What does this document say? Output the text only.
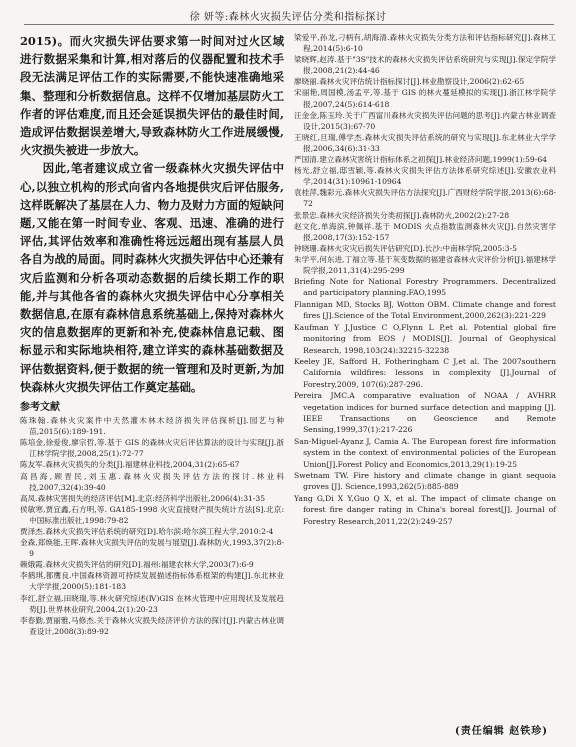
徐 妍等:森林火灾损失评估分类和指标探讨

2015)。而火灾损失评估要求第一时间对过火区域进行数据采集和计算,相对落后的仪器配置和技术手段无法满足评估工作的实际需要,不能快速准确地采集、整理和分析数据信息。这样不仅增加基层防火工作者的评估难度,而且还会延误损失评估的最佳时间,造成评估数据误差增大,导致森林防火工作进展缓慢,火灾损失被进一步放大。

因此,笔者建议成立省一级森林火灾损失评估中心,以独立机构的形式向省内各地提供灾后评估服务,这样既解决了基层在人力、物力及财力方面的短缺问题,又能在第一时间专业、客观、迅速、准确的进行评估,其评估效率和准确性将远远超出现有基层人员各自为战的局面。同时森林火灾损失评估中心还兼有灾后监测和分析各项动态数据的后续长期工作的职能,并与其他各省的森林火灾损失评估中心分享相关数据信息,在原有森林信息系统基础上,保持对森林火灾的信息数据库的更新和补充,使森林信息记载、图标显示和实际地块相符,建立详实的森林基础数据及评估数据资料,便于数据的统一管理和及时更新,为加快森林火灾损失评估工作奠定基础。

参考文献

陈珠翰.森林火灾案件中天然灌木林木经济损失评估探析[J].园艺与种苗,2015(6):189-191.

陈培金,徐爱俊,廖宗哲,等.基于 GIS 的森林火灾后评估算法的设计与实现[J].浙江林学院学报,2008,25(1):72-77

陈友军.森林火灾损失的分类[J].福建林业科技,2004,31(2):65-67

高昌海,顾晋民,刘玉惠.森林火灾损失评估方法的探讨.林业科技,2007,32(4):39-40

高凤.森林灾害损失的经济评估[M].北京:经济科学出版社,2006(4):31-35

侯敏寒,贾宜鑫,石方明,等. GA185-1998 火灾直接财产损失统计方法[S].北京:中国标准出版社,1998:79-82

贾泽杰.森林火灾损失评估系统的研究[D].哈尔滨:哈尔滨工程大学,2010:2-4

金森,郑焕能,王晖.森林火灾损失评估的发展与展望[J].森林防火,1993,37(2):8-9

赖娥霞.森林火灾损失评估的研究[D].福州:福建农林大学,2003(7):6-9

李鹤琪,都鹰良.中国森林资源可持续发展描述指标体系框架的构建[J].东北林业大学学报,2000(5):181-183

李红,舒立福,田晓瑞,等.林火研究综述(Ⅳ)GIS 在林火管理中应用现状及发展趋势[J].世界林业研究,2004,2(1):20-23

李春勤,贾丽雅,马修杰.关于森林火灾损失经济评价方法的探讨[J].内蒙古林业调查设计,2008(3):89-92

梁爱平,孙龙,刁柄有,胡海清.森林火灾损失分类方法和评估指标研究[J].森林工程,2014(5):6-10

梁晓辉,赵涛.基于"3S"技术的森林火灾损失评估系统研究与实现[J].保定学院学报,2008,21(2):44-46

廖晓丽.森林火灾评估统计指标探讨[J].林业勘察设计,2006(2):62-65

宋丽艳,周国模,汤孟平,等.基于 GIS 的林火蔓延模拟的实现[J].浙江林学院学报,2007,24(5):614-618

汪金金,陈玉玲.关于广西富川森林火灾损失评估问题的思考[J].内蒙古林业调查设计,2015(3):67-70

王晓红,旦瑞,傅学杰.森林火灾损失评估系统的研究与实现[J].东北林业大学学报,2006,34(6):31-33

严国清.建立森林灾害统计指标体系之初探[J].林业经济问题,1999(1):59-64

杨光,舒立福,邸雪颖,等.森林火灾损失评估方法体系研究综述[J].安徽农业科学,2014(31):10961-10964

袁桂萍,魏彩元.森林火灾损失评估方法探究[J].广西财经学院学报,2013(6):68-72

张景忠.森林火灾经济损失分类初探[J].森林防火,2002(2):27-28

赵文化,单海滨,钟佩祥.基于 MODIS 火点指数监测森林火灾[J].自然灾害学报,2008,17(3):152-157

钟晓珊.森林火灾灾后损失评估研究[D].长沙:中南林学院,2005:3-5

朱学平,何东进,丁福立等.基于灰变数据的福建省森林火灾评价分析[J].福建林学院学报,2011,31(4):295-299

Briefing Note for National Forestry Programmers. Decentralized and participatory planning.FAO,1995

Flannigan MD, Stocks BJ, Wotton OBM. Climate change and forest fires [J].Science of the Total Environment,2000,262(3):221-229

Kaufman Y J,Justice C O,Flynn L P,et al. Potential global fire monitoring from EOS / MODIS[J]. Journal of Geophysical Research, 1998,103(24):32215-32238

Keeley JE, Safford H, Fotheringham C J,et al. The 2007southern California wildfires: lessons in complexity [J].Journal of Forestry,2009, 107(6):287-296.

Pereira JMC.A comparative evaluation of NOAA / AVHRR vegetation indices for burned surface detection and mapping [J]. IEEE Transactions on Geoscience and Remote Sensing,1999,37(1):217-226

San-Miguel-Ayanz J, Camia A. The European forest fire information system in the context of environmental policies of the European Union[J].Forest Policy and Economics,2013,29(1):19-25

Swetnam TW. Fire history and climate change in giant sequoia groves [J]. Science,1993,262(5):885-889

Yang G,Di X Y,Guo Q X, et al. The impact of climate change on forest fire danger rating in China's boreal forest[J]. Journal of Forestry Research,2011,22(2):249-257

(责任编辑 赵铁珍)
